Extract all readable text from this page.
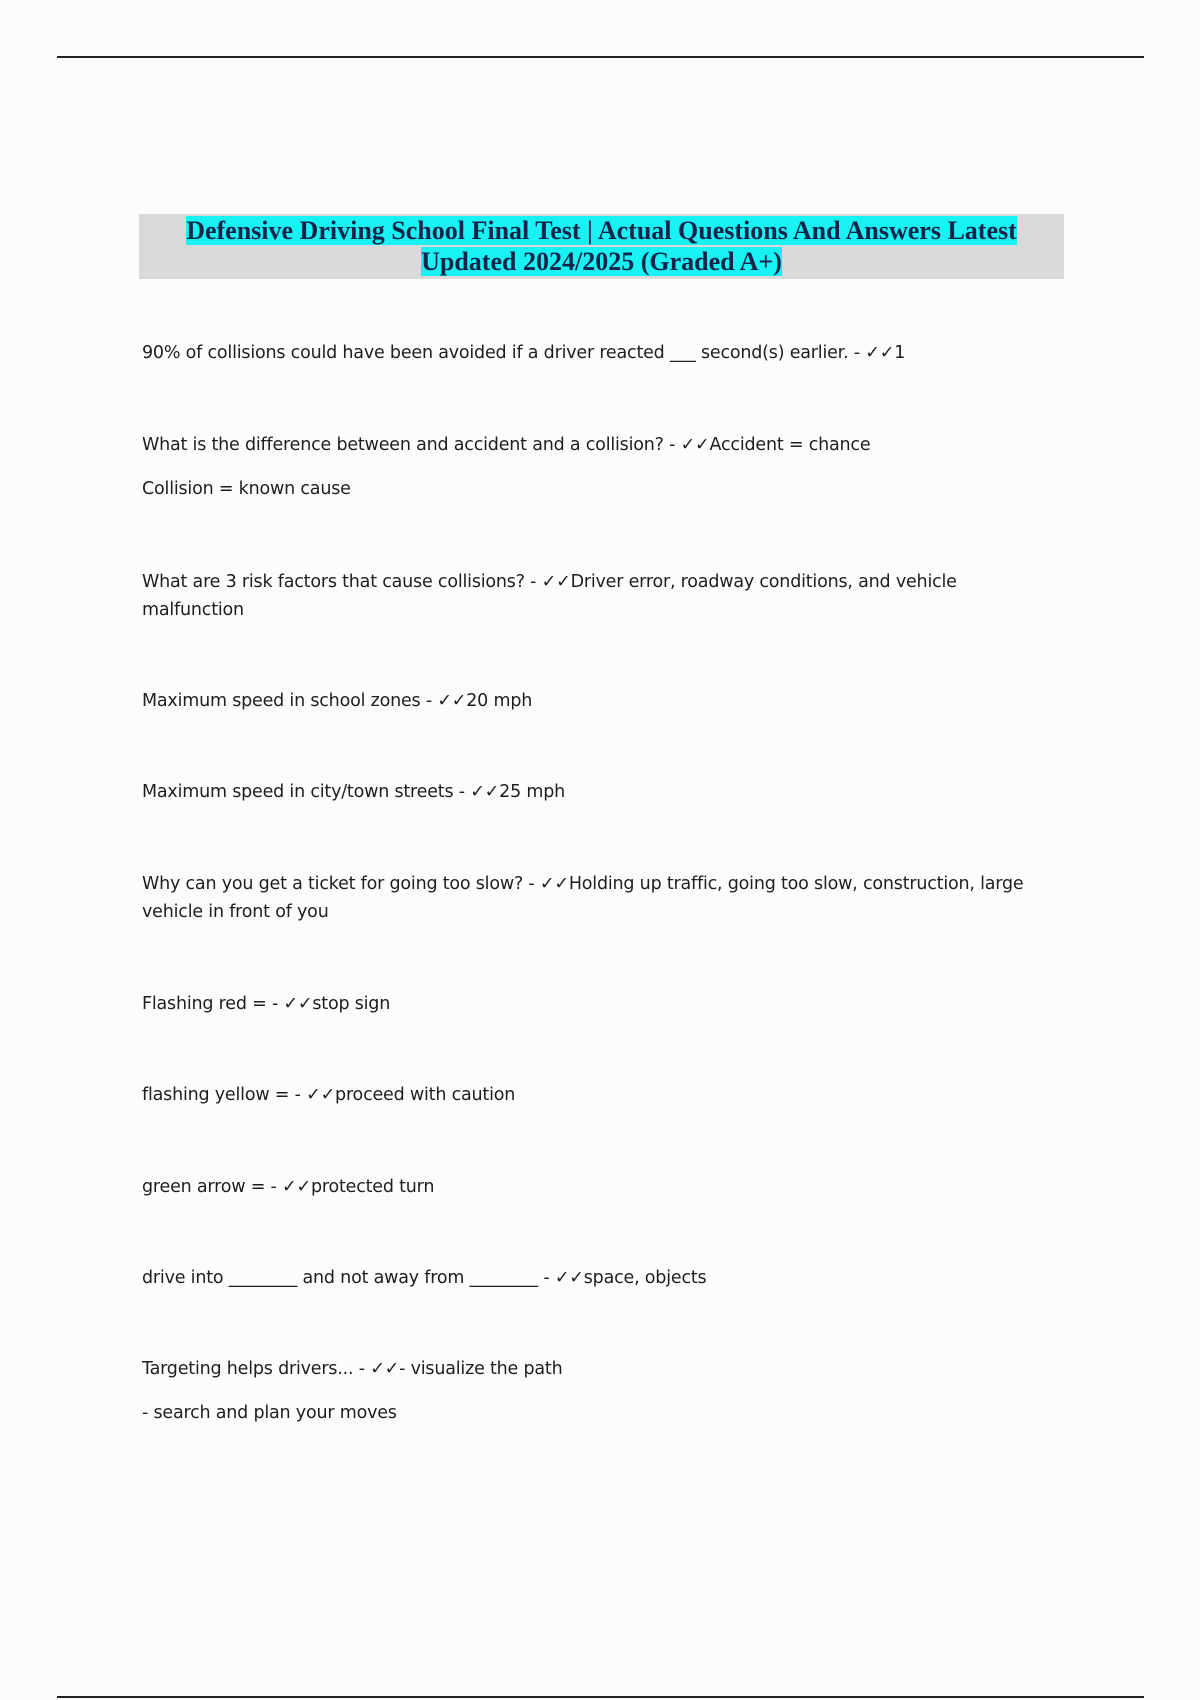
Defensive Driving School Final Test | Actual Questions And Answers Latest
Updated 2024/2025 (Graded A+)
90% of collisions could have been avoided if a driver reacted ___ second(s) earlier. - ✓✓1
What is the difference between and accident and a collision? - ✓✓Accident = chance
Collision = known cause
What are 3 risk factors that cause collisions? - ✓✓Driver error, roadway conditions, and vehicle malfunction
Maximum speed in school zones - ✓✓20 mph
Maximum speed in city/town streets - ✓✓25 mph
Why can you get a ticket for going too slow? - ✓✓Holding up traffic, going too slow, construction, large vehicle in front of you
Flashing red = - ✓✓stop sign
flashing yellow = - ✓✓proceed with caution
green arrow = - ✓✓protected turn
drive into ________ and not away from ________ - ✓✓space, objects
Targeting helps drivers... - ✓✓- visualize the path
- search and plan your moves
